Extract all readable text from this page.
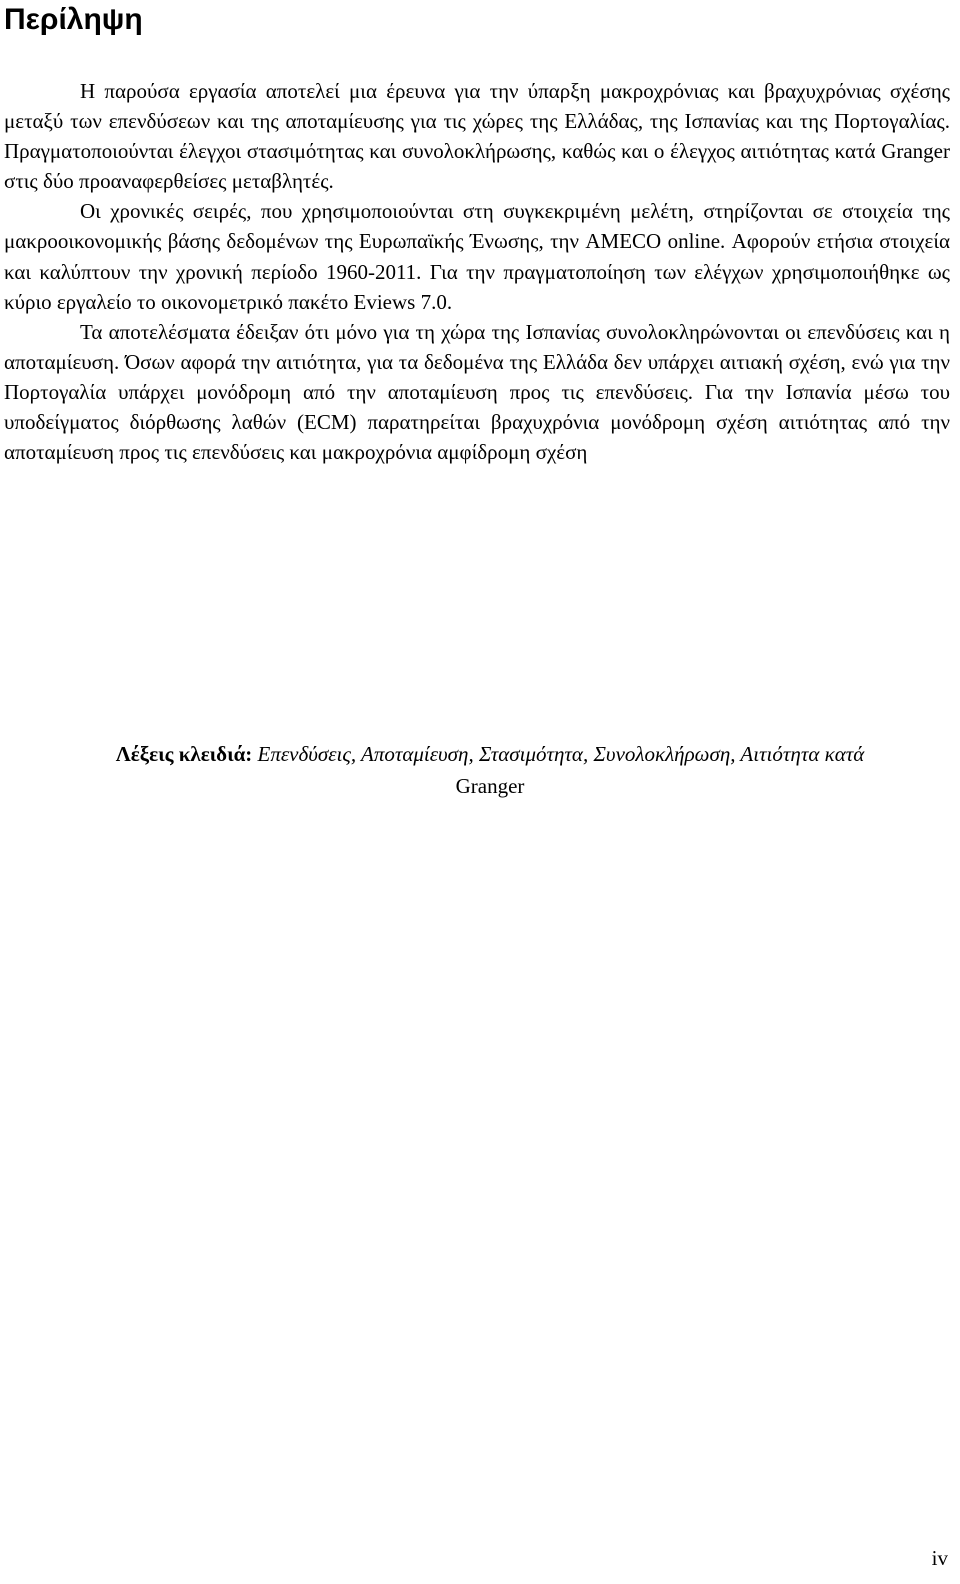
Περίληψη

Η παρούσα εργασία αποτελεί μια έρευνα για την ύπαρξη μακροχρόνιας και βραχυχρόνιας σχέσης μεταξύ των επενδύσεων και της αποταμίευσης για τις χώρες της Ελλάδας, της Ισπανίας και της Πορτογαλίας. Πραγματοποιούνται έλεγχοι στασιμότητας και συνολοκλήρωσης, καθώς και ο έλεγχος αιτιότητας κατά Granger στις δύο προαναφερθείσες μεταβλητές.

Οι χρονικές σειρές, που χρησιμοποιούνται στη συγκεκριμένη μελέτη, στηρίζονται σε στοιχεία της μακροοικονομικής βάσης δεδομένων της Ευρωπαϊκής Ένωσης, την AMECO online. Αφορούν ετήσια στοιχεία και καλύπτουν την χρονική περίοδο 1960-2011. Για την πραγματοποίηση των ελέγχων χρησιμοποιήθηκε ως κύριο εργαλείο το οικονομετρικό πακέτο Eviews 7.0.

Τα αποτελέσματα έδειξαν ότι μόνο για τη χώρα της Ισπανίας συνολοκληρώνονται οι επενδύσεις και η αποταμίευση. Όσων αφορά την αιτιότητα, για τα δεδομένα της Ελλάδα δεν υπάρχει αιτιακή σχέση, ενώ για την Πορτογαλία υπάρχει μονόδρομη από την αποταμίευση προς τις επενδύσεις. Για την Ισπανία μέσω του υποδείγματος διόρθωσης λαθών (ECM) παρατηρείται βραχυχρόνια μονόδρομη σχέση αιτιότητας από την αποταμίευση προς τις επενδύσεις και μακροχρόνια αμφίδρομη σχέση

Λέξεις κλειδιά: Επενδύσεις, Αποταμίευση, Στασιμότητα, Συνολοκλήρωση, Αιτιότητα κατά Granger
iv
